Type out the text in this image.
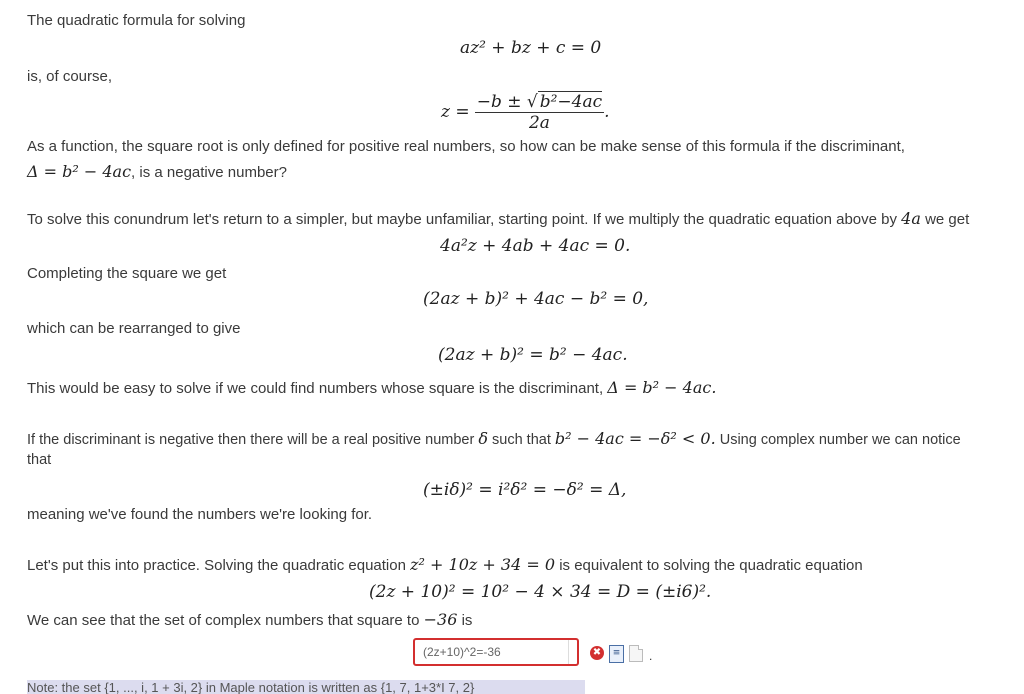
The quadratic formula for solving
az² + bz + c = 0
is, of course,
$z = \frac{\text{−b ± √ b²−4ac}}{2a}$ .
As a function, the square root is only defined for positive real numbers, so how can be make sense of this formula if the discriminant,
Δ = b² − 4ac, is a negative number?
To solve this conundrum let's return to a simpler, but maybe unfamiliar, starting point. If we multiply the quadratic equation above by 4a we get
4a²z + 4ab + 4ac = 0.
Completing the square we get
(2az + b)² + 4ac − b² = 0,
which can be rearranged to give
(2az + b)² = b² − 4ac.
This would be easy to solve if we could find numbers whose square is the discriminant, Δ = b² − 4ac.
If the discriminant is negative then there will be a real positive number δ such that b² − 4ac = −δ² < 0. Using complex number we can notice
that
(±iδ)² = i²δ² = −δ² = Δ,
meaning we've found the numbers we're looking for.
Let's put this into practice. Solving the quadratic equation z² + 10z + 34 = 0 is equivalent to solving the quadratic equation
(2z + 10)² = 10² − 4 × 34 = D = (±i6)².
We can see that the set of complex numbers that square to −36 is
(2z+10)^2=-36	✖	≡	.
Note: the set {1, ..., i, 1 + 3i, 2} in Maple notation is written as {1, 7, 1+3*I 7, 2}
